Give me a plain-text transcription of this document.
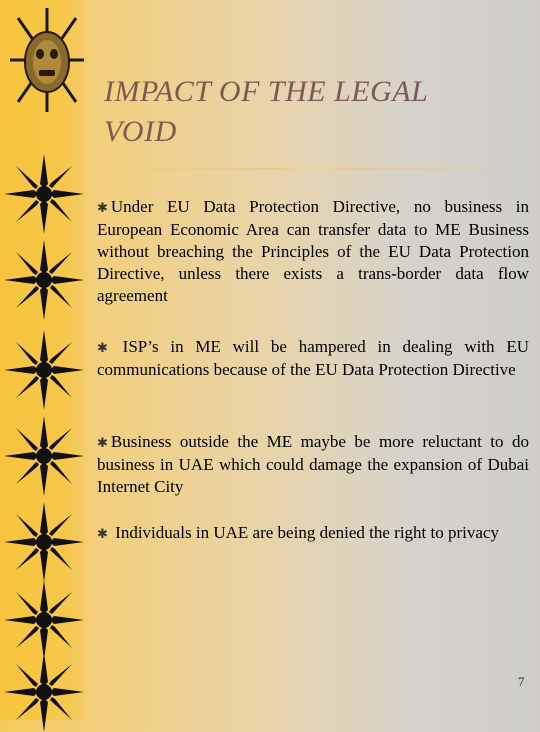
IMPACT OF THE LEGAL
VOID

✱ Under EU Data Protection Directive, no business in European Economic Area can transfer data to ME Business without breaching the Principles of the EU Data Protection Directive, unless there exists a trans-border data flow agreement

✱ ISP’s in ME will be hampered in dealing with EU communications because of the EU Data Protection Directive

✱ Business outside the ME maybe be more reluctant to do business in UAE which could damage the expansion of Dubai Internet City

✱ Individuals in UAE are being denied the right to privacy

7
